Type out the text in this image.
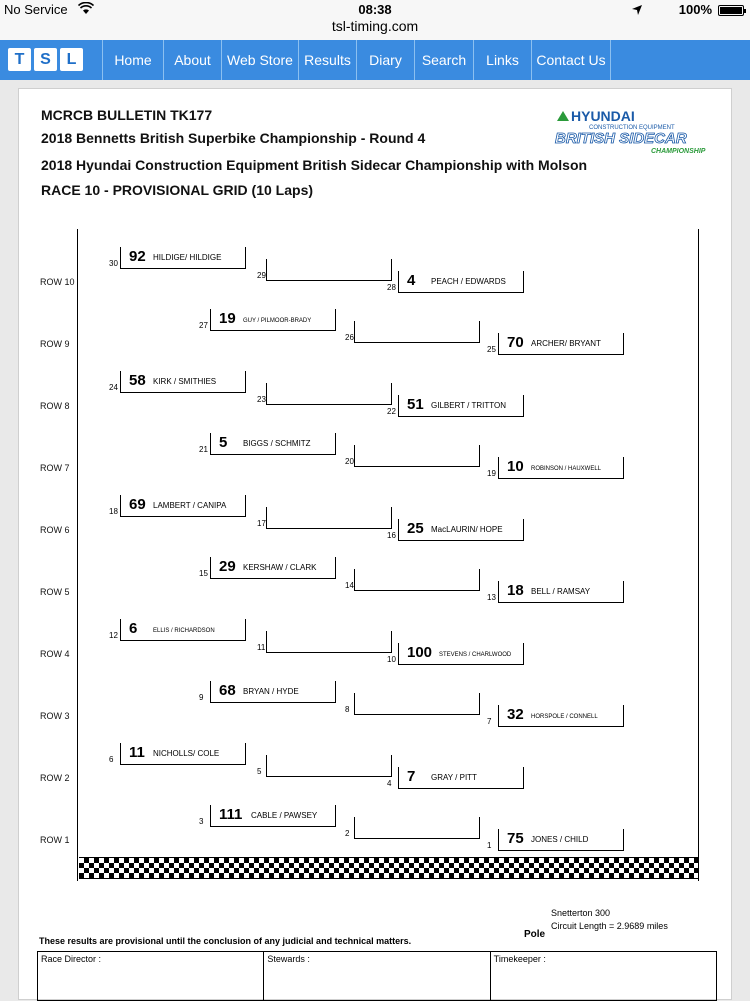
No Service	08:38	100%
tsl-timing.com
T S L	Home	About	Web Store Results	Diary	Search	Links	Contact Us
MCRCB BULLETIN TK177
2018 Bennetts British Superbike Championship - Round 4
2018 Hyundai Construction Equipment British Sidecar Championship with Molson
RACE 10 - PROVISIONAL GRID (10 Laps)
HYUNDAI
CONSTRUCTION EQUIPMENT
BRITISH SIDECAR
CHAMPIONSHIP
30 92 HILDIGE/ HILDIGE
29
28 4 PEACH / EDWARDS
27 19 GUY / PILMOOR-BRADY
26
25 70 ARCHER/ BRYANT
24 58 KIRK / SMITHIES
23
22 51 GILBERT / TRITTON
21 5 BIGGS / SCHMITZ
20
19 10 ROBINSON / HAUXWELL
18 69 LAMBERT / CANIPA
17
16 25 MacLAURIN/ HOPE
15 29 KERSHAW / CLARK
14
13 18 BELL / RAMSAY
12 6	ELLIS / RICHARDSON
11
10 100 STEVENS / CHARLWOOD
9 68 BRYAN / HYDE
8
7 32 HORSPOLE / CONNELL
6 11 NICHOLLS/ COLE
5
4 7 GRAY / PITT
3 111 CABLE / PAWSEY
2
1 75 JONES / CHILD
ROW 10
ROW 9
ROW 8
ROW 7
ROW 6
ROW 5
ROW 4
ROW 3
ROW 2
ROW 1
Pole
Snetterton 300
Circuit Length = 2.9689 miles
These results are provisional until the conclusion of any judicial and technical matters.
Race Director :	Stewards :	Timekeeper :
